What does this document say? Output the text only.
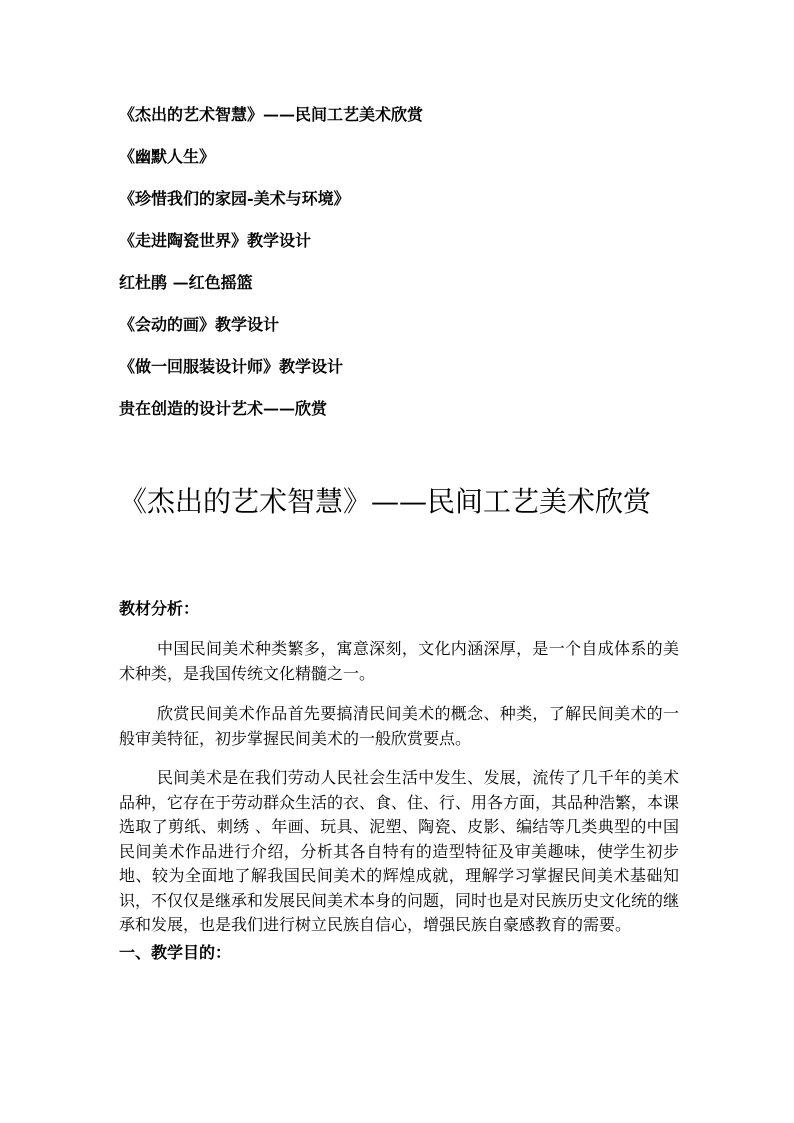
《杰出的艺术智慧》——民间工艺美术欣赏
《幽默人生》
《珍惜我们的家园-美术与环境》
《走进陶瓷世界》教学设计
红杜鹃 —红色摇篮
《会动的画》教学设计
《做一回服装设计师》教学设计
贵在创造的设计艺术——欣赏
《杰出的艺术智慧》——民间工艺美术欣赏

教材分析：

中国民间美术种类繁多，寓意深刻，文化内涵深厚，是一个自成体系的美术种类，是我国传统文化精髓之一。

欣赏民间美术作品首先要搞清民间美术的概念、种类，了解民间美术的一般审美特征，初步掌握民间美术的一般欣赏要点。

民间美术是在我们劳动人民社会生活中发生、发展，流传了几千年的美术品种，它存在于劳动群众生活的衣、食、住、行、用各方面，其品种浩繁，本课选取了剪纸、刺绣 、年画、玩具、泥塑、陶瓷、皮影、编结等几类典型的中国民间美术作品进行介绍，分析其各自特有的造型特征及审美趣味，使学生初步地、较为全面地了解我国民间美术的辉煌成就，理解学习掌握民间美术基础知识，不仅仅是继承和发展民间美术本身的问题，同时也是对民族历史文化统的继承和发展，也是我们进行树立民族自信心，增强民族自豪感教育的需要。

一、教学目的：
